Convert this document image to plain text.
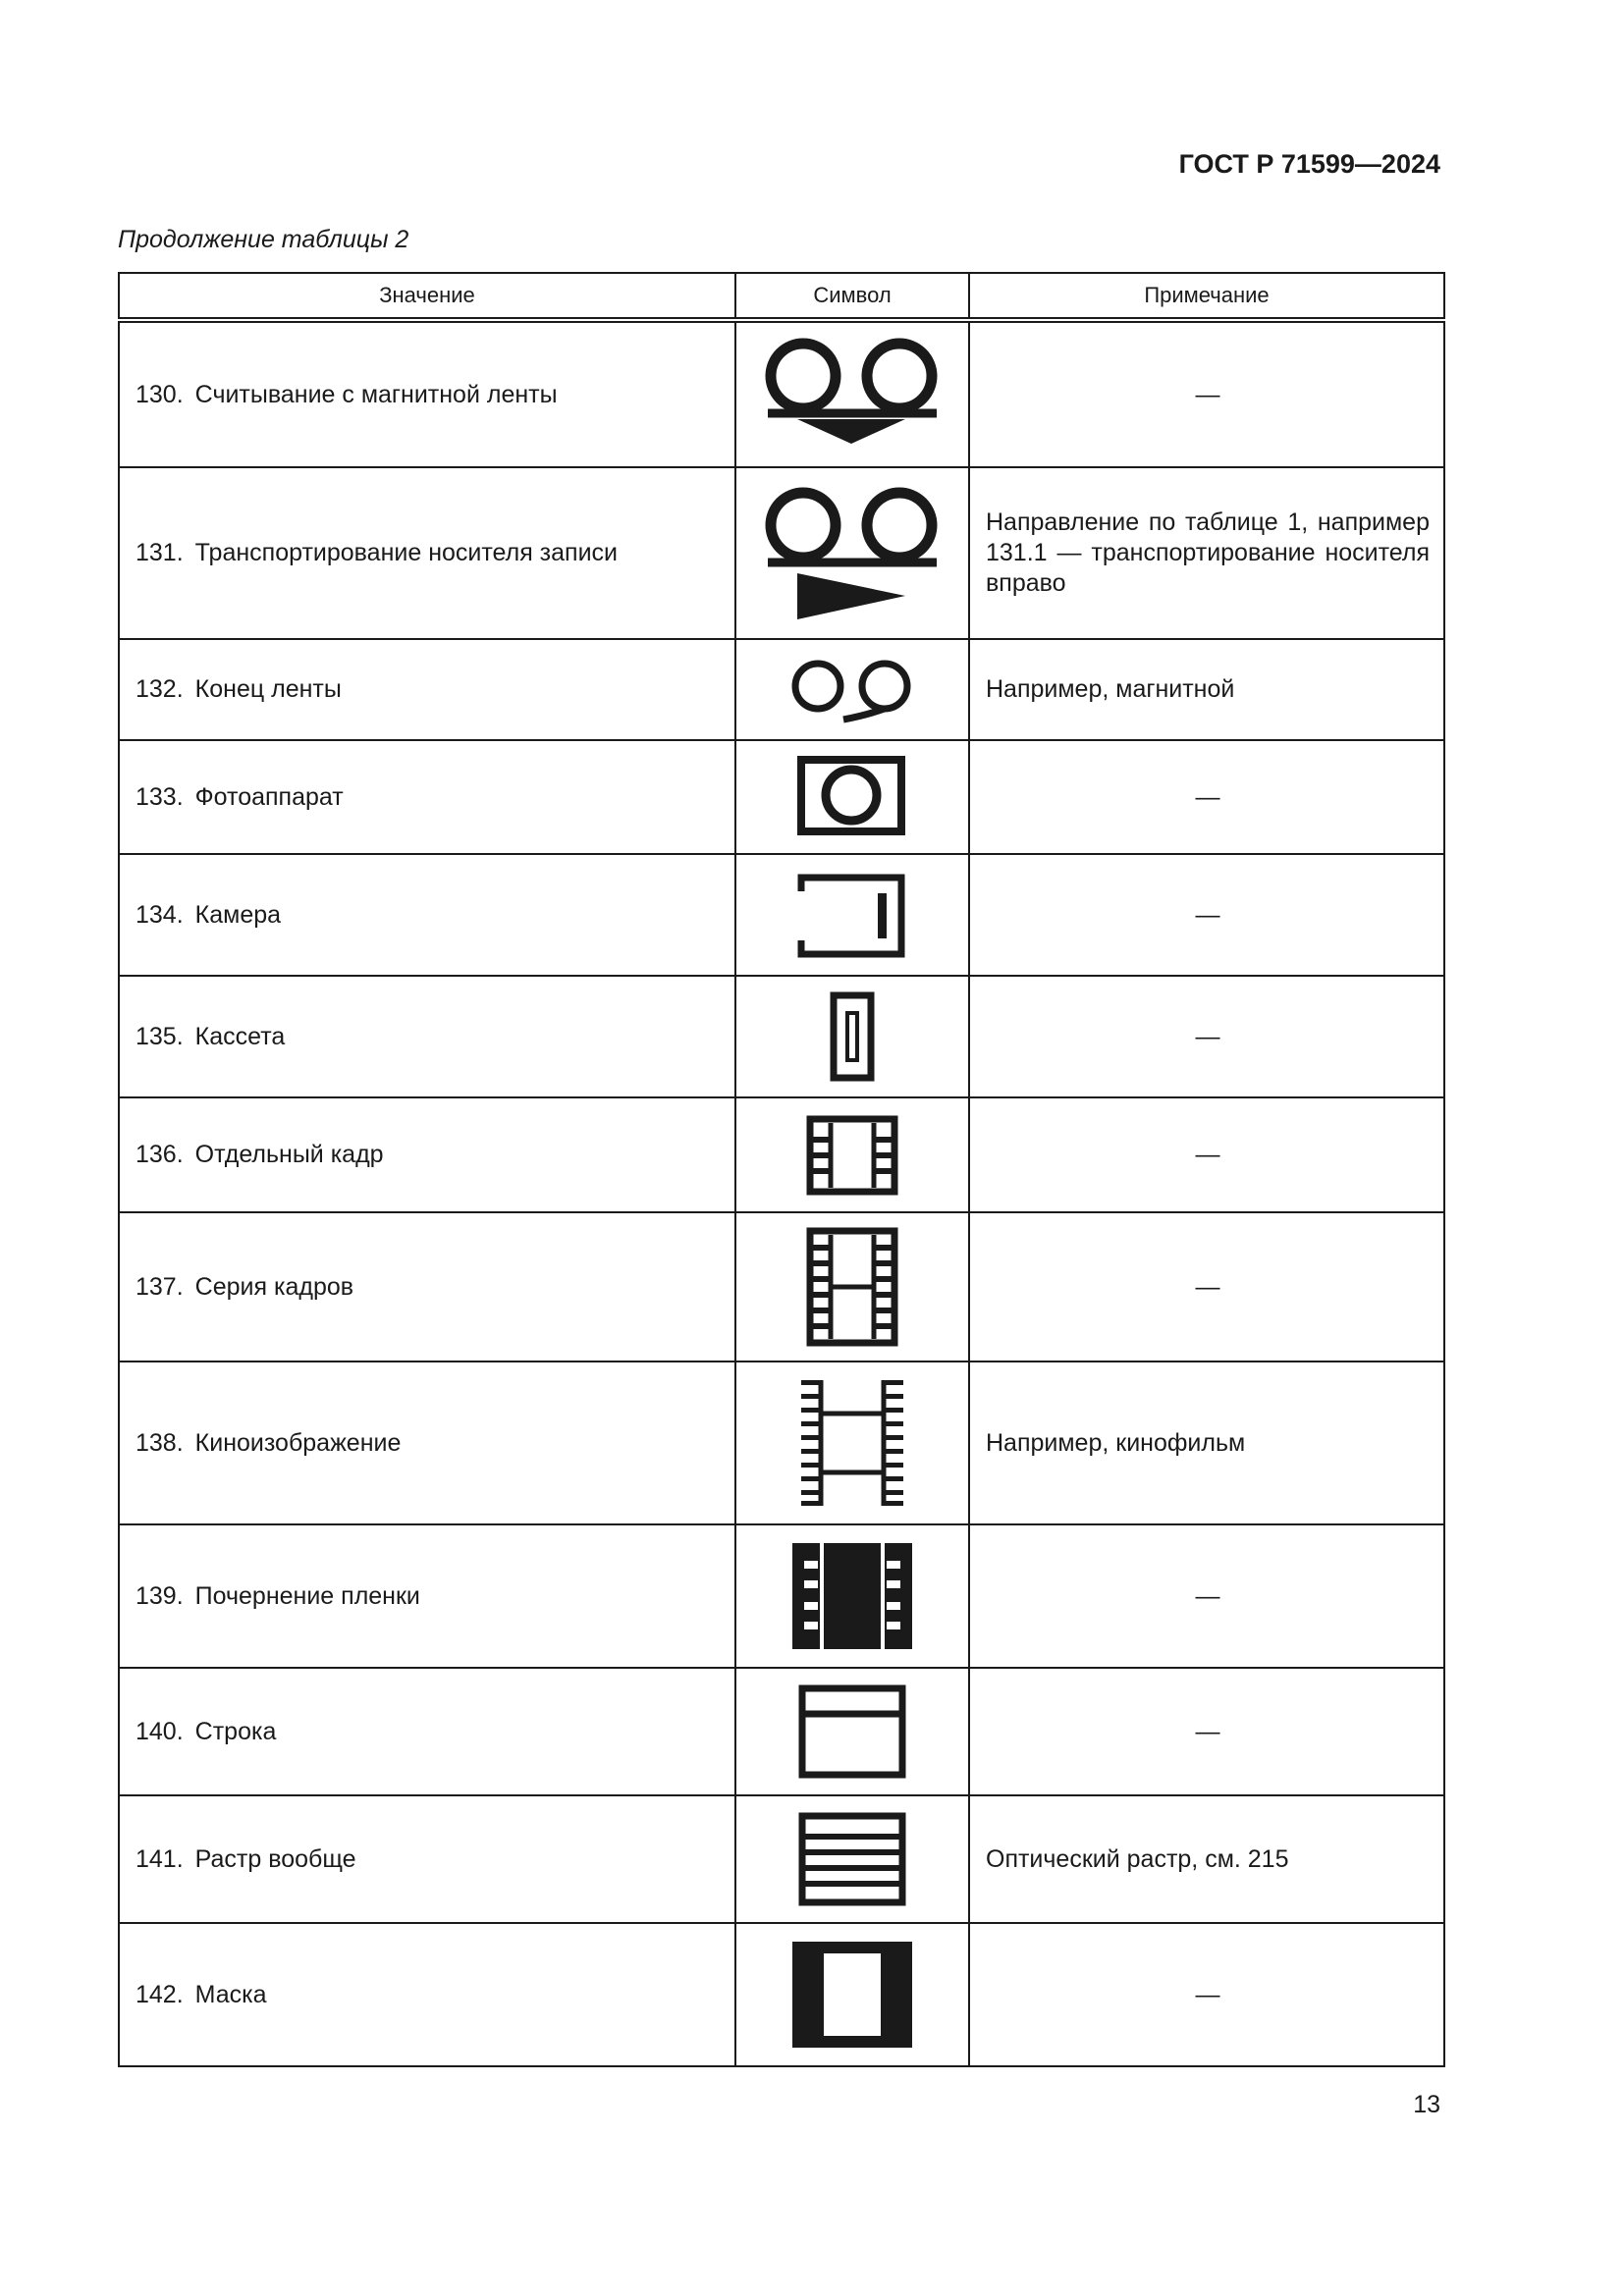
ГОСТ Р 71599—2024
Продолжение таблицы 2
Значение	Символ	Примечание
130. Считывание с магнитной ленты		—
131. Транспортирование носителя записи		Направление по таблице 1, например 131.1 — транспортирование носителя вправо
132. Конец ленты		Например, магнитной
133. Фотоаппарат		—
134. Камера		—
135. Кассета		—
136. Отдельный кадр		—
137. Серия кадров		—
138. Киноизображение		Например, кинофильм
139. Почернение пленки		—
140. Строка		—
141. Растр вообще		Оптический растр, см. 215
142. Маска		—
13
